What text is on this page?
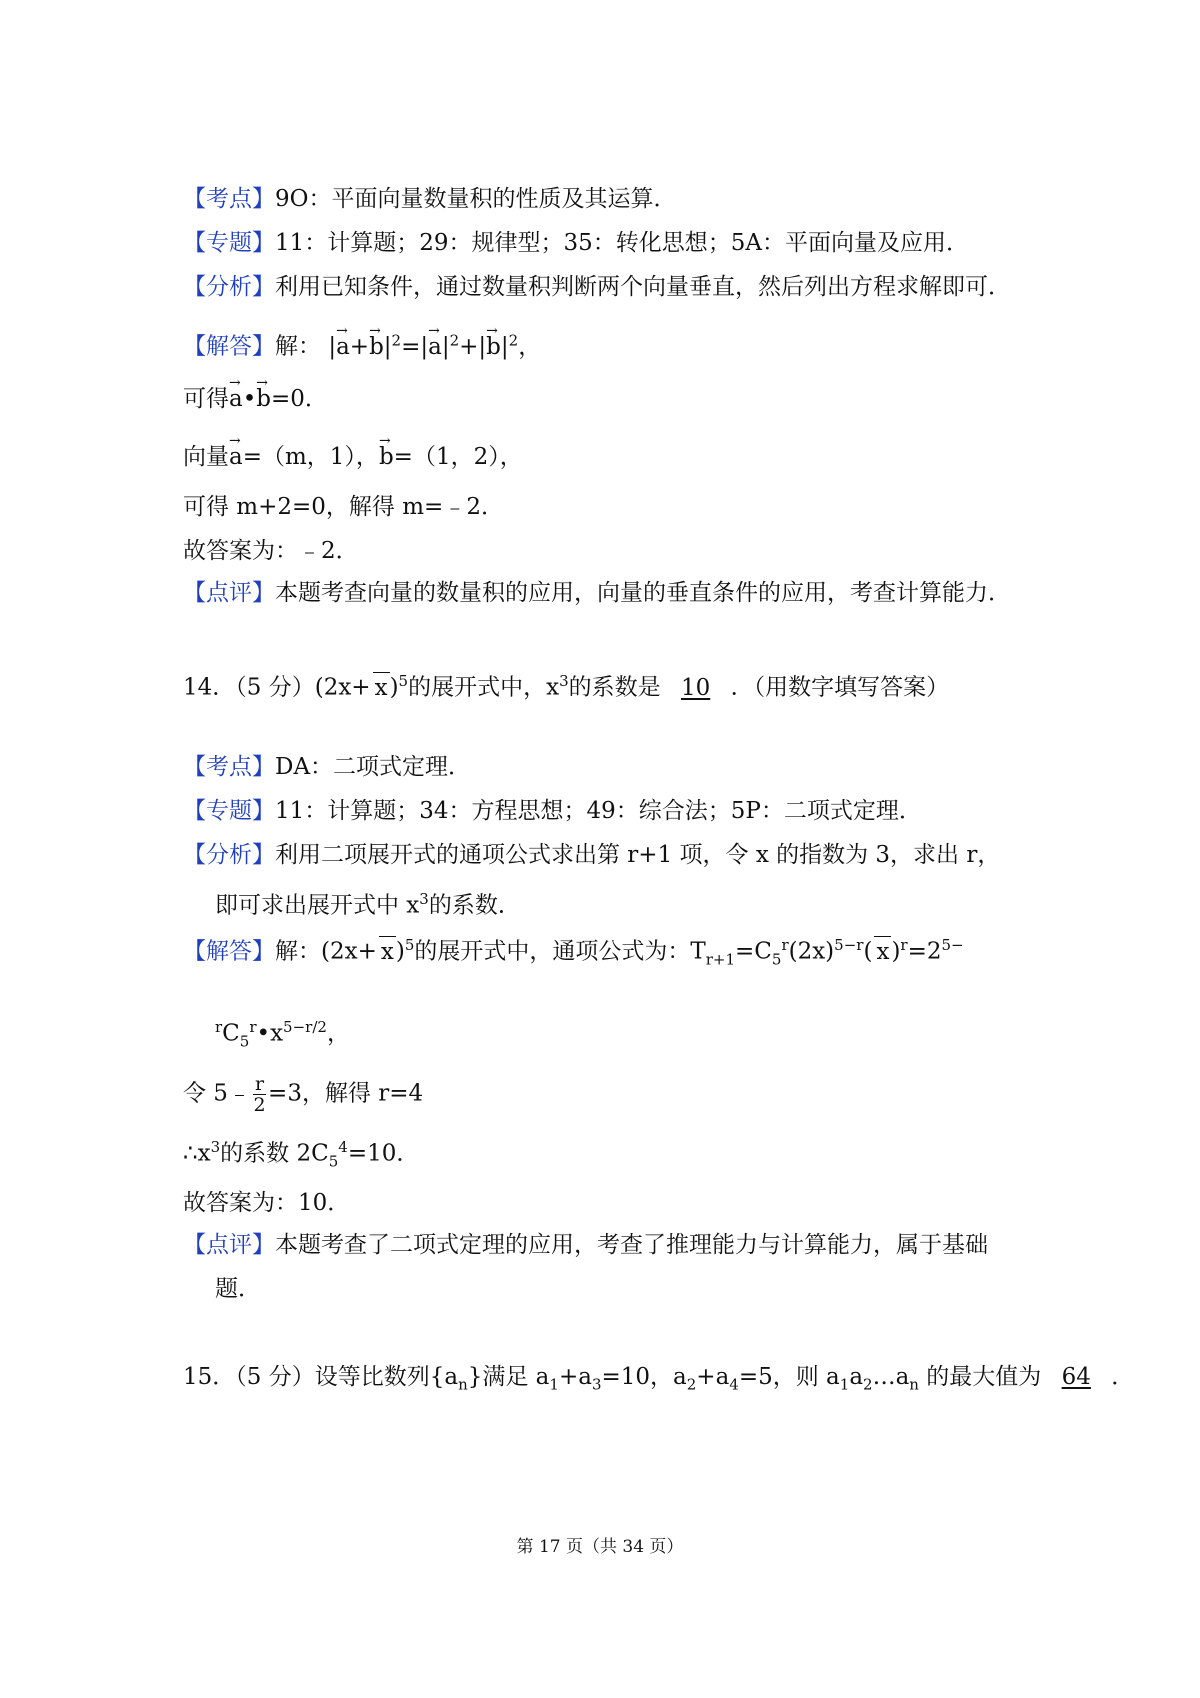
【考点】9O：平面向量数量积的性质及其运算．
【专题】11：计算题；29：规律型；35：转化思想；5A：平面向量及应用．
【分析】利用已知条件，通过数量积判断两个向量垂直，然后列出方程求解即可．
【解答】解： |→ $a+\to b|^2=|\to a|^2+|\to b|^2$，
可得→ a•→ b=0．
向量→ a=（m，1），→ b=（1，2），
可得 m+2=0，解得 m=﹣2．
故答案为：﹣2．
【点评】本题考查向量的数量积的应用，向量的垂直条件的应用，考查计算能力．
14．（5 分）$(2x+ x)^5$的展开式中，$x^3$的系数是 10 ．（用数字填写答案）
【考点】DA：二项式定理．
【专题】11：计算题；34：方程思想；49：综合法；5P：二项式定理．
【分析】利用二项展开式的通项公式求出第 r+1 项，令 x 的指数为 3，求出 r，
即可求出展开式中 $x^3$的系数．
【解答】解：$(2x+ x)^5$的展开式中，通项公式为：$T_{r+1}=C_5^r(2x)^{5-r}$( $x)^r=2^{5-}$
$^rC_5^r•x^{5-r/2}$，
令 5﹣ $\frac{r}{2} =3$，解得 r=4
$\therefore x^3$的系数 $2C_5^4=10$．
故答案为：10．
【点评】本题考查了二项式定理的应用，考查了推理能力与计算能力，属于基础
题．
15．（5 分）设等比数列$\{a_n\}$满足 $a_1+a_3=10$，$a_2+a_4=5$，则 $a_1a_2\dots a_n$ 的最大值为 64 ．
第 17 页（共 34 页）
